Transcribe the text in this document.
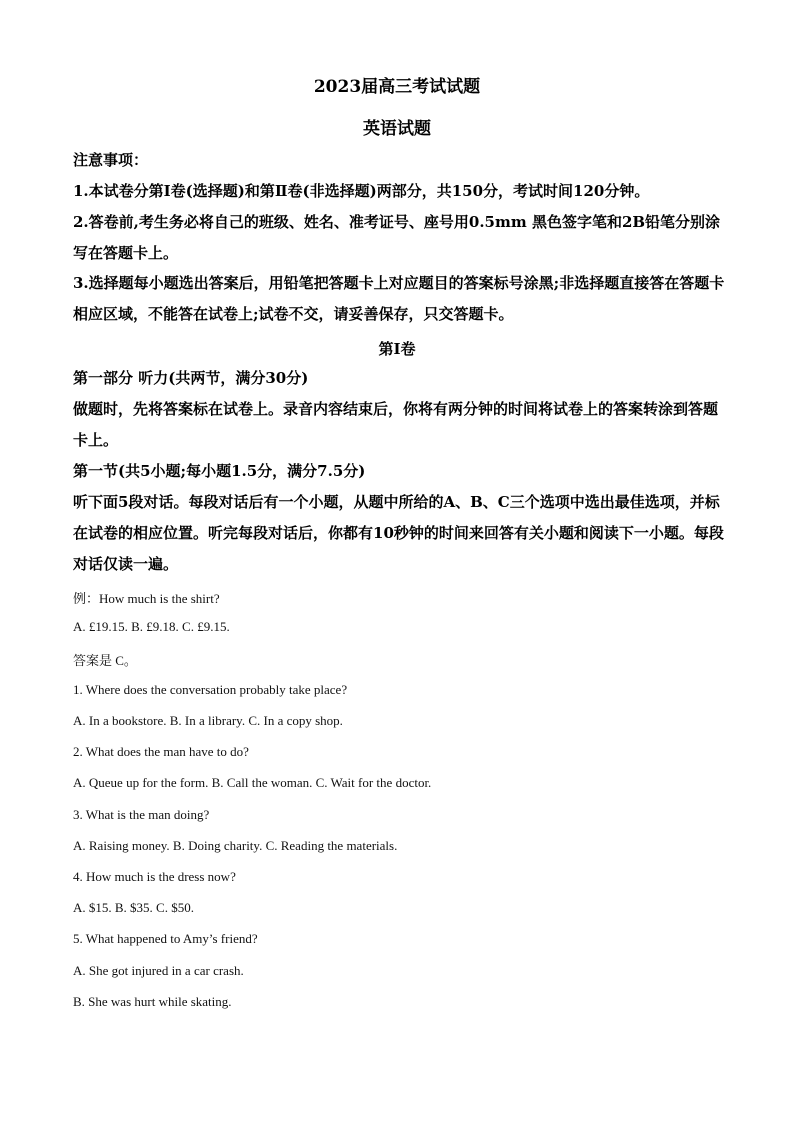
2023届高三考试试题
英语试题
注意事项：
1.本试卷分第Ⅰ卷(选择题)和第Ⅱ卷(非选择题)两部分，共150分，考试时间120分钟。
2.答卷前,考生务必将自己的班级、姓名、准考证号、座号用0.5mm 黑色签字笔和2B铅笔分别涂写在答题卡上。
3.选择题每小题选出答案后，用铅笔把答题卡上对应题目的答案标号涂黑;非选择题直接答在答题卡相应区域，不能答在试卷上;试卷不交，请妥善保存，只交答题卡。
第Ⅰ卷
第一部分 听力(共两节，满分30分)
做题时，先将答案标在试卷上。录音内容结束后，你将有两分钟的时间将试卷上的答案转涂到答题卡上。
第一节(共5小题;每小题1.5分，满分7.5分)
听下面5段对话。每段对话后有一个小题，从题中所给的A、B、C三个选项中选出最佳选项，并标在试卷的相应位置。听完每段对话后，你都有10秒钟的时间来回答有关小题和阅读下一小题。每段对话仅读一遍。
例：How much is the shirt?
A. £19.15. B. £9.18. C. £9.15.
答案是 C。
1. Where does the conversation probably take place?
A. In a bookstore. B. In a library. C. In a copy shop.
2. What does the man have to do?
A. Queue up for the form. B. Call the woman. C. Wait for the doctor.
3. What is the man doing?
A. Raising money. B. Doing charity. C. Reading the materials.
4. How much is the dress now?
A. $15. B. $35. C. $50.
5. What happened to Amy’s friend?
A. She got injured in a car crash.
B. She was hurt while skating.
